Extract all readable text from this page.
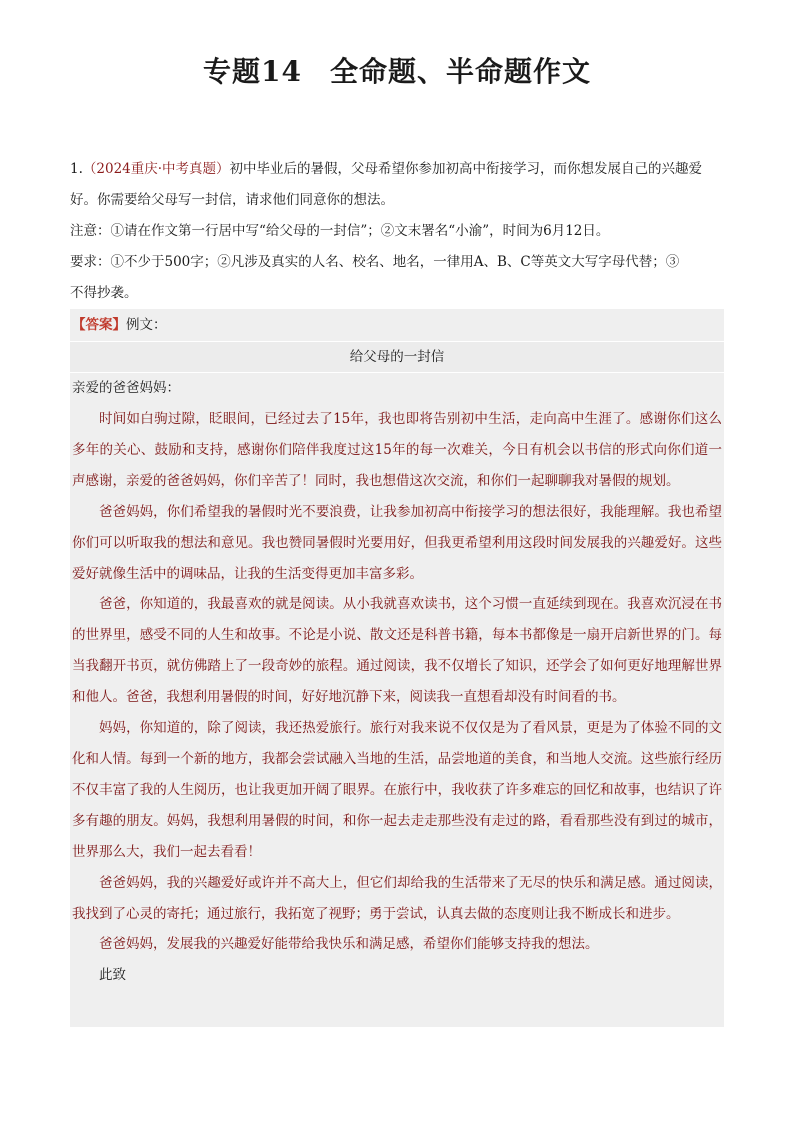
专题14 全命题、半命题作文

1.（2024重庆·中考真题）初中毕业后的暑假，父母希望你参加初高中衔接学习，而你想发展自己的兴趣爱好。你需要给父母写一封信，请求他们同意你的想法。

注意：①请在作文第一行居中写“给父母的一封信”；②文末署名“小渝”，时间为6月12日。

要求：①不少于500字；②凡涉及真实的人名、校名、地名，一律用A、B、C等英文大写字母代替；③
不得抄袭。

【答案】例文：
给父母的一封信
亲爱的爸爸妈妈：

时间如白驹过隙，眨眼间，已经过去了15年，我也即将告别初中生活，走向高中生涯了。感谢你们这么多年的关心、鼓励和支持，感谢你们陪伴我度过这15年的每一次难关，今日有机会以书信的形式向你们道一声感谢，亲爱的爸爸妈妈，你们辛苦了！同时，我也想借这次交流，和你们一起聊聊我对暑假的规划。

爸爸妈妈，你们希望我的暑假时光不要浪费，让我参加初高中衔接学习的想法很好，我能理解。我也希望你们可以听取我的想法和意见。我也赞同暑假时光要用好，但我更希望利用这段时间发展我的兴趣爱好。这些爱好就像生活中的调味品，让我的生活变得更加丰富多彩。

爸爸，你知道的，我最喜欢的就是阅读。从小我就喜欢读书，这个习惯一直延续到现在。我喜欢沉浸在书的世界里，感受不同的人生和故事。不论是小说、散文还是科普书籍，每本书都像是一扇开启新世界的门。每当我翻开书页，就仿佛踏上了一段奇妙的旅程。通过阅读，我不仅增长了知识，还学会了如何更好地理解世界和他人。爸爸，我想利用暑假的时间，好好地沉静下来，阅读我一直想看却没有时间看的书。

妈妈，你知道的，除了阅读，我还热爱旅行。旅行对我来说不仅仅是为了看风景，更是为了体验不同的文化和人情。每到一个新的地方，我都会尝试融入当地的生活，品尝地道的美食，和当地人交流。这些旅行经历不仅丰富了我的人生阅历，也让我更加开阔了眼界。在旅行中，我收获了许多难忘的回忆和故事，也结识了许多有趣的朋友。妈妈，我想利用暑假的时间，和你一起去走走那些没有走过的路，看看那些没有到过的城市，世界那么大，我们一起去看看！

爸爸妈妈，我的兴趣爱好或许并不高大上，但它们却给我的生活带来了无尽的快乐和满足感。通过阅读，我找到了心灵的寄托；通过旅行，我拓宽了视野；勇于尝试，认真去做的态度则让我不断成长和进步。

爸爸妈妈，发展我的兴趣爱好能带给我快乐和满足感，希望你们能够支持我的想法。

此致
